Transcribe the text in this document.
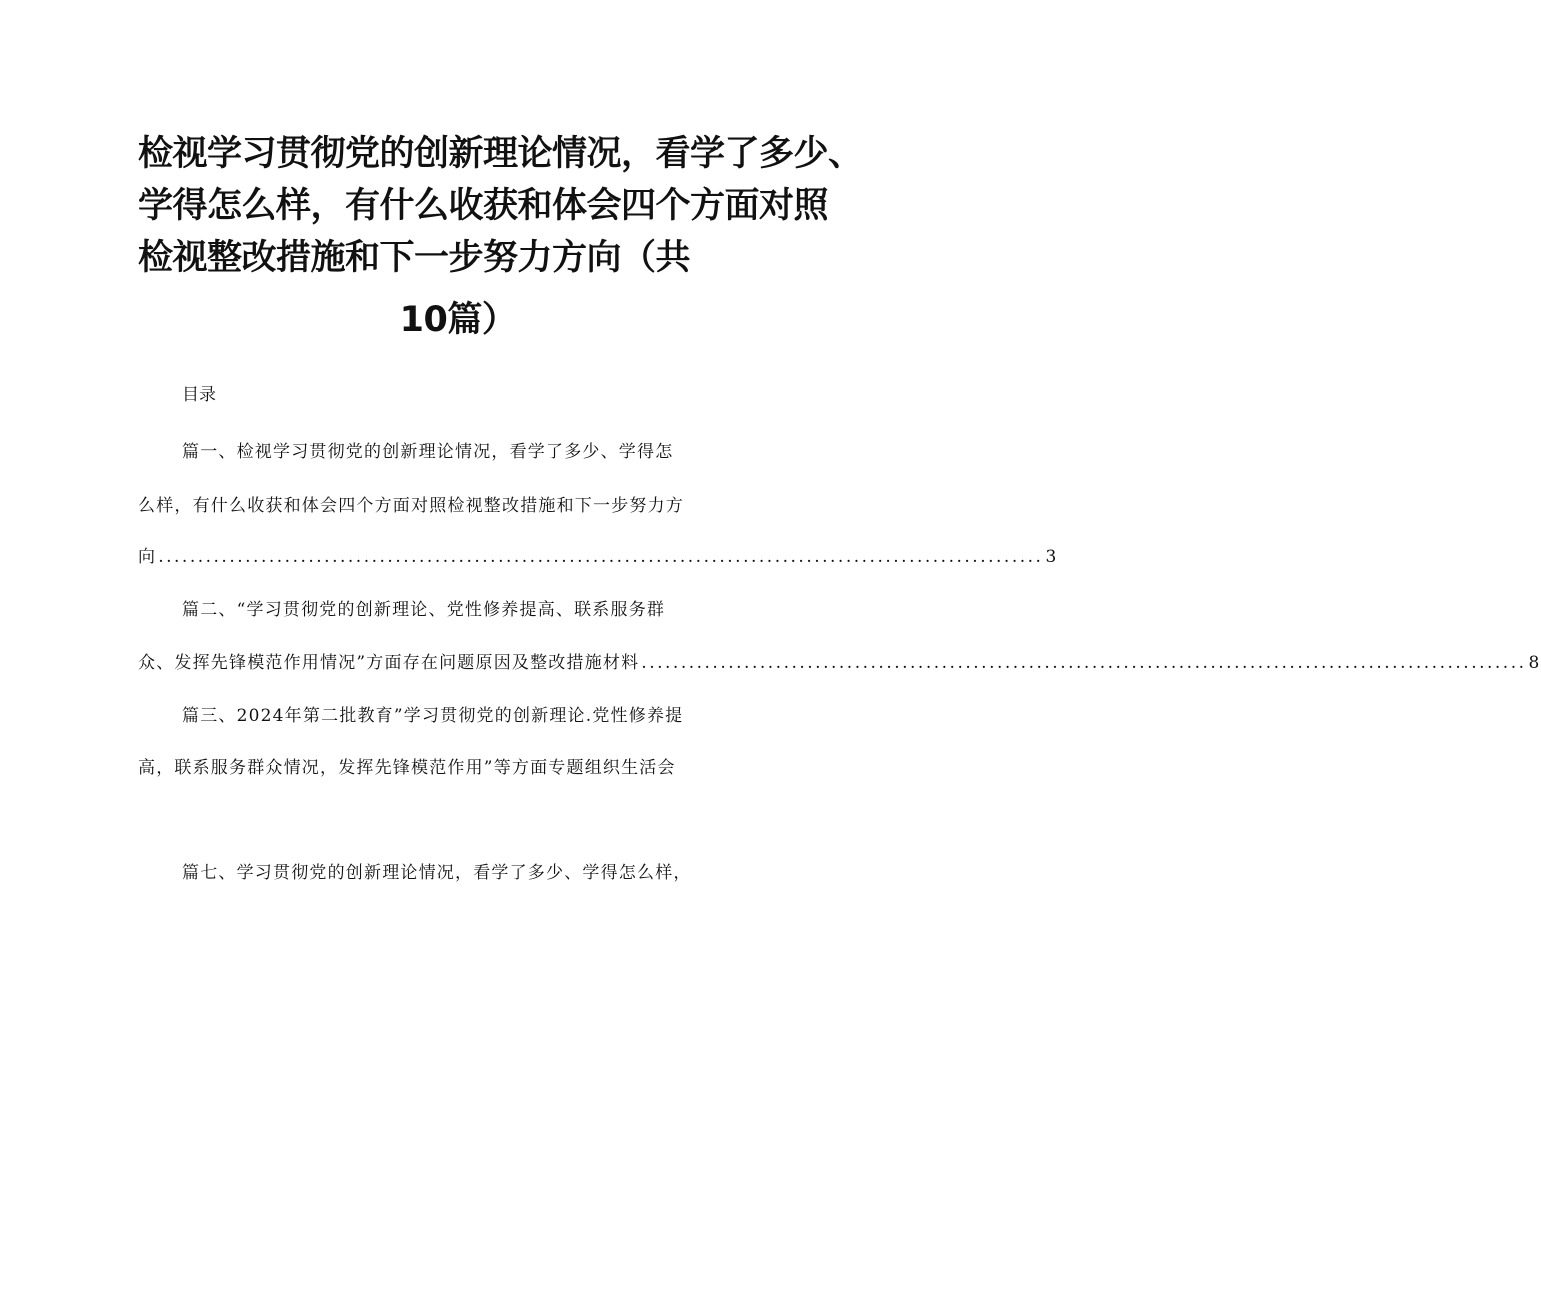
检视学习贯彻党的创新理论情况，看学了多少、
学得怎么样，有什么收获和体会四个方面对照
检视整改措施和下一步努力方向（共
10篇）
目录
篇一、检视学习贯彻党的创新理论情况，看学了多少、学得怎
么样，有什么收获和体会四个方面对照检视整改措施和下一步努力方
向 ................................................................................................................ 3
篇二、“学习贯彻党的创新理论、党性修养提高、联系服务群
众、发挥先锋模范作用情况”方面存在问题原因及整改措施材料 ................................................................................................................ 8
篇三、2024年第二批教育”学习贯彻党的创新理论.党性修养提
高，联系服务群众情况，发挥先锋模范作用”等方面专题组织生活会
篇七、学习贯彻党的创新理论情况，看学了多少、学得怎么样，
